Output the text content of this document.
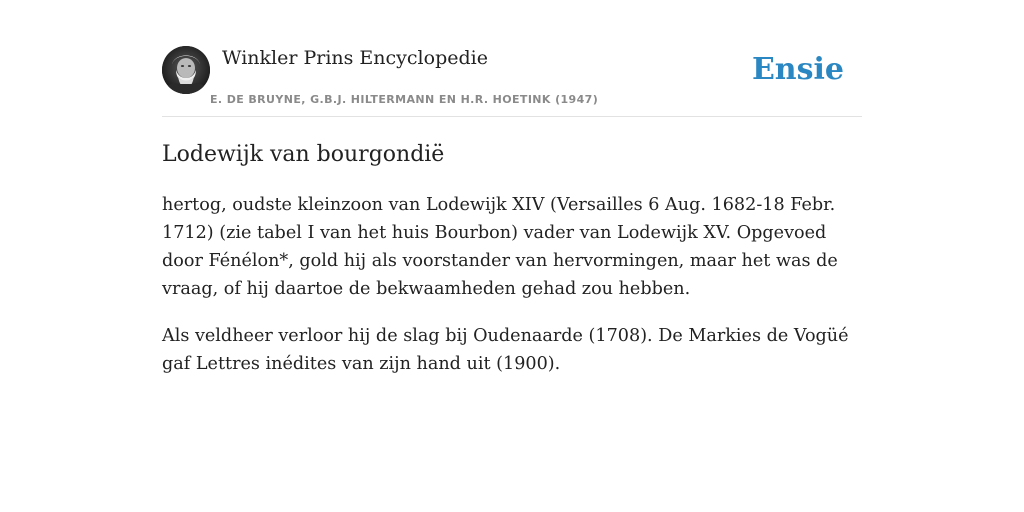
Winkler Prins Encyclopedie
E. DE BRUYNE, G.B.J. HILTERMANN EN H.R. HOETINK (1947)
Ensie
Lodewijk van bourgondië

hertog, oudste kleinzoon van Lodewijk XIV (Versailles 6 Aug. 1682-18 Febr. 1712) (zie tabel I van het huis Bourbon) vader van Lodewijk XV. Opgevoed door Fénélon*, gold hij als voorstander van hervormingen, maar het was de vraag, of hij daartoe de bekwaamheden gehad zou hebben.

Als veldheer verloor hij de slag bij Oudenaarde (1708). De Markies de Vogüé gaf Lettres inédites van zijn hand uit (1900).
